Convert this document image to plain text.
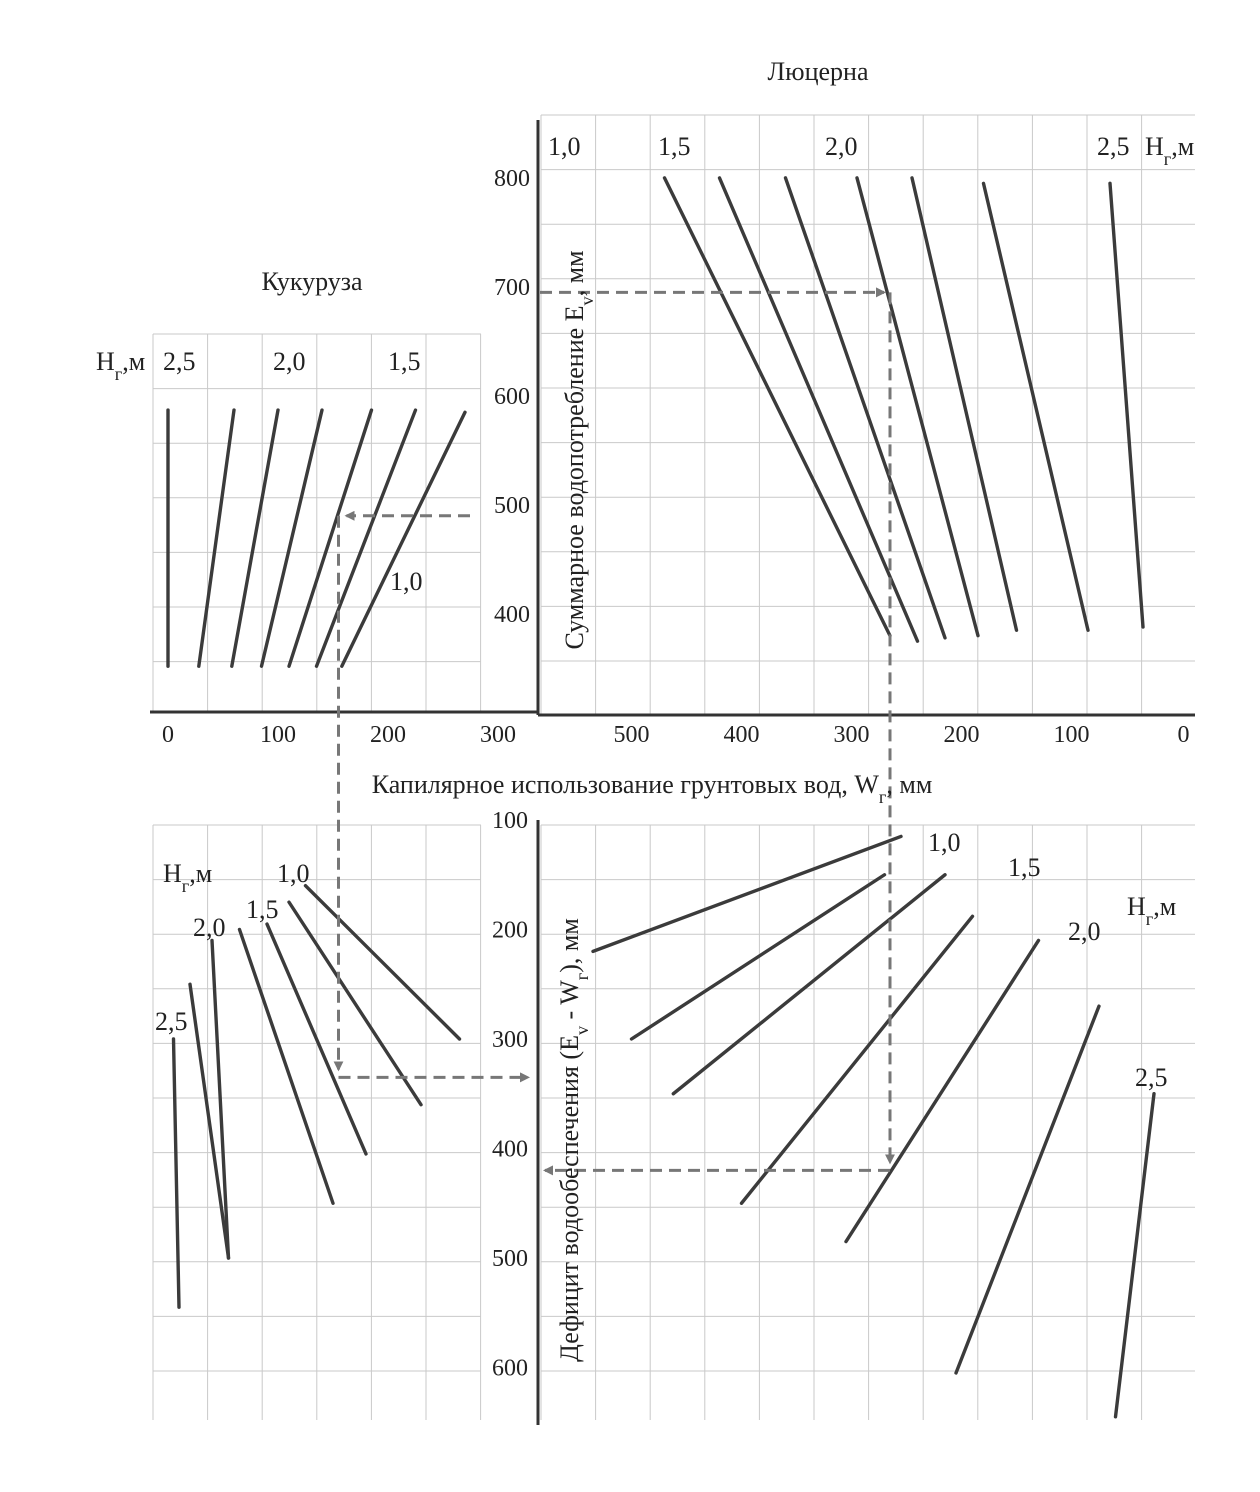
Люцерна
Кукуруза
400
500
600
700
800
0	100	200	300	500	400	300	200	100	0
100
200
300
400
500
600
Суммарное водопотребление $E_v$, мм
Капилярное использование грунтовых вод, $W_г$, мм
Дефицит водообеспечения $(E_v - W_г)$, мм
$H_г,м$
$H_г,м$
$H_г,м$
$H_г,м$
1,0	1,5	2,0	2,5
2,5	2,0	1,5
1,0
1,0
1,5
2,0
2,5
1,0
1,5
2,0
2,5
